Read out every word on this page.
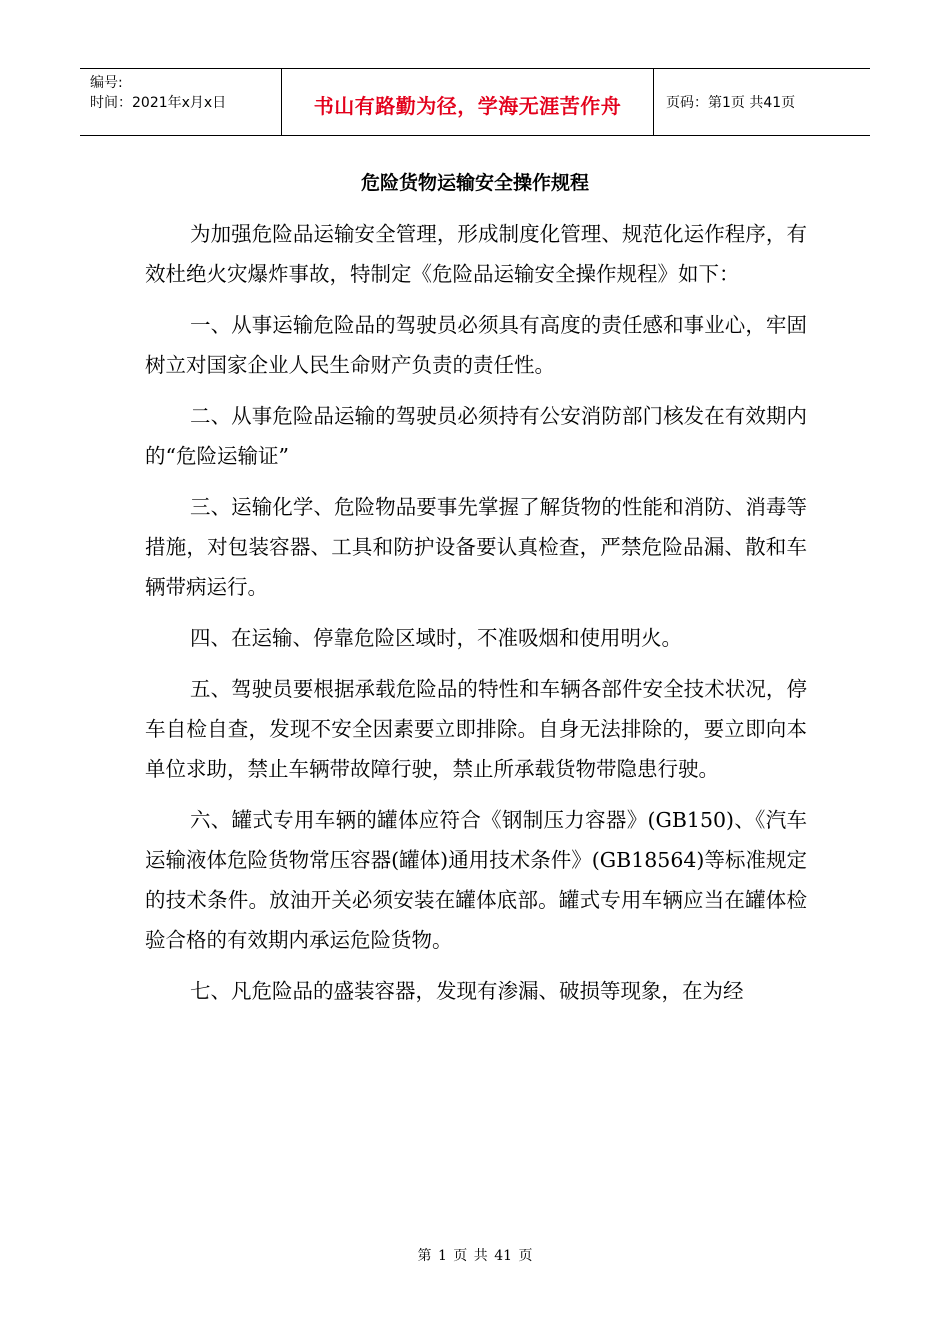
编号:
时间：2021年x月x日	书山有路勤为径，学海无涯苦作舟	页码：第1页 共41页
危险货物运输安全操作规程

为加强危险品运输安全管理，形成制度化管理、规范化运作程序，有效杜绝火灾爆炸事故，特制定《危险品运输安全操作规程》如下：

一、从事运输危险品的驾驶员必须具有高度的责任感和事业心，牢固树立对国家企业人民生命财产负责的责任性。

二、从事危险品运输的驾驶员必须持有公安消防部门核发在有效期内的“危险运输证”

三、运输化学、危险物品要事先掌握了解货物的性能和消防、消毒等措施，对包装容器、工具和防护设备要认真检查，严禁危险品漏、散和车辆带病运行。

四、在运输、停靠危险区域时，不准吸烟和使用明火。

五、驾驶员要根据承载危险品的特性和车辆各部件安全技术状况，停车自检自查，发现不安全因素要立即排除。自身无法排除的，要立即向本单位求助，禁止车辆带故障行驶，禁止所承载货物带隐患行驶。

六、罐式专用车辆的罐体应符合《钢制压力容器》(GB150)、《汽车运输液体危险货物常压容器(罐体)通用技术条件》(GB18564)等标准规定的技术条件。放油开关必须安装在罐体底部。罐式专用车辆应当在罐体检验合格的有效期内承运危险货物。

七、凡危险品的盛装容器，发现有渗漏、破损等现象，在为经

第 1 页 共 41 页
